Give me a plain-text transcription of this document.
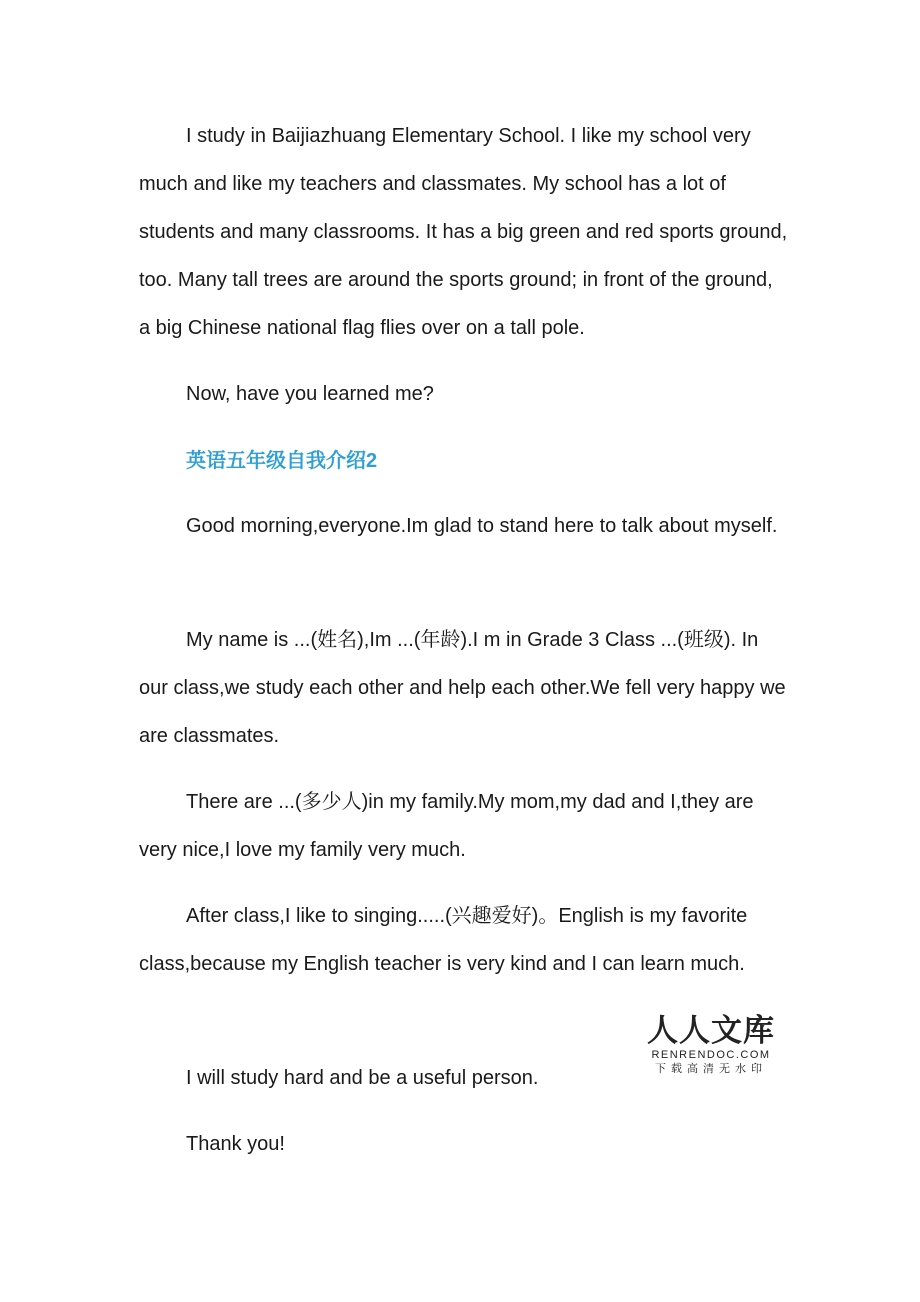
I study in Baijiazhuang Elementary School. I like my school very much and like my teachers and classmates. My school has a lot of students and many classrooms. It has a big green and red sports ground, too. Many tall trees are around the sports ground; in front of the ground, a big Chinese national flag flies over on a tall pole.

Now, have you learned me?

英语五年级自我介绍2

Good morning,everyone.Im glad to stand here to talk about myself.

My name is ...(姓名),Im ...(年龄).I m in Grade 3 Class ...(班级). In our class,we study each other and help each other.We fell very happy we are classmates.

There are ...(多少人)in my family.My mom,my dad and I,they are very nice,I love my family very much.

After class,I like to singing.....(兴趣爱好)。English is my favorite class,because my English teacher is very kind and I can learn much.

I will study hard and be a useful person.

Thank you!

人人文库
RENRENDOC.COM
下载高清无水印
